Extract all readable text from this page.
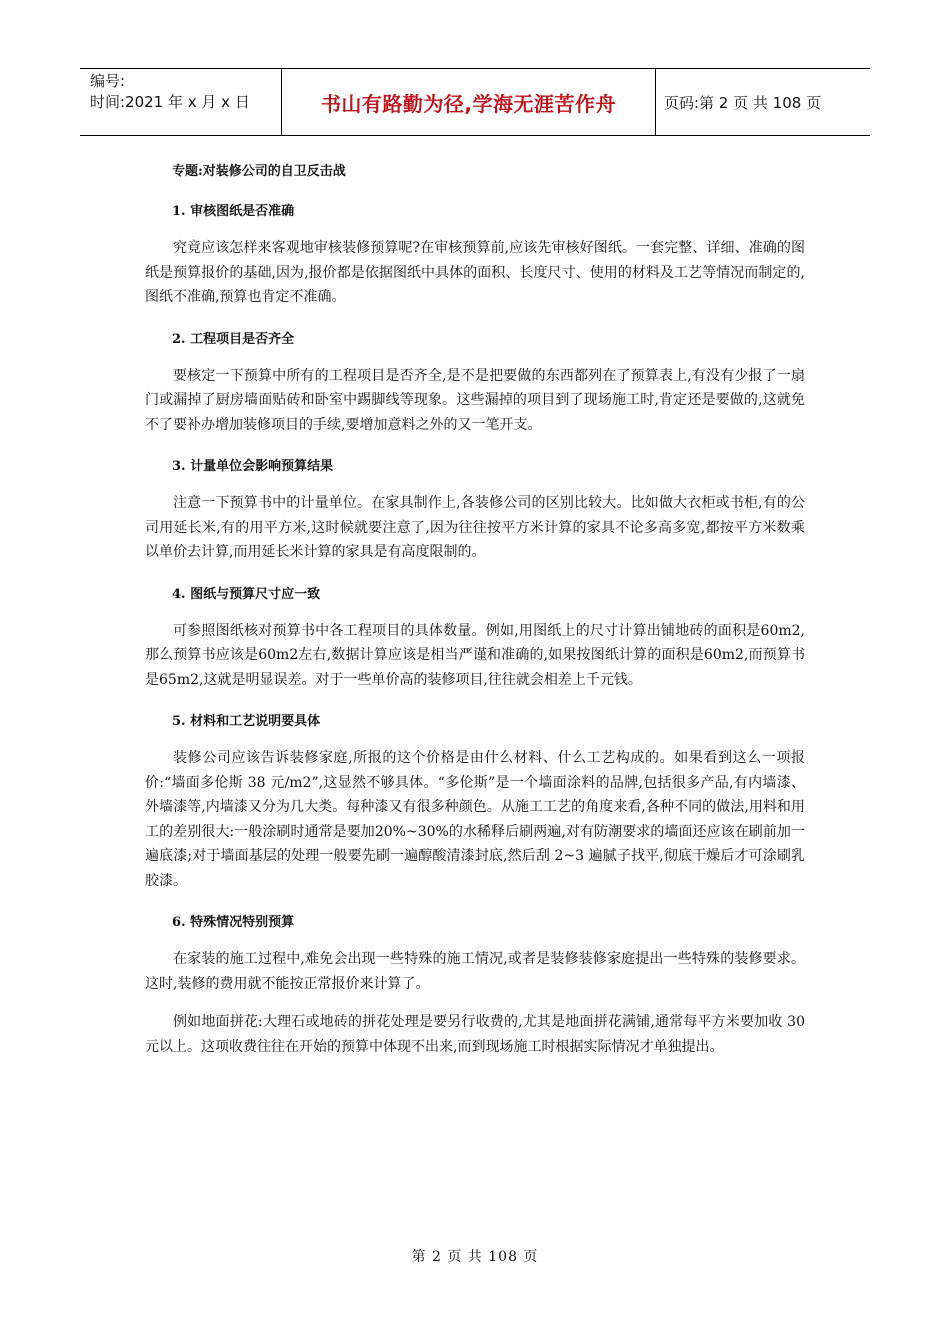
编号:
时间:2021 年 x 月 x 日	书山有路勤为径,学海无涯苦作舟	页码:第 2 页 共 108 页
专题:对装修公司的自卫反击战
1. 审核图纸是否准确

究竟应该怎样来客观地审核装修预算呢?在审核预算前,应该先审核好图纸。一套完整、详细、准确的图纸是预算报价的基础,因为,报价都是依据图纸中具体的面积、长度尺寸、使用的材料及工艺等情况而制定的,图纸不准确,预算也肯定不准确。

2. 工程项目是否齐全

要核定一下预算中所有的工程项目是否齐全,是不是把要做的东西都列在了预算表上,有没有少报了一扇门或漏掉了厨房墙面贴砖和卧室中踢脚线等现象。这些漏掉的项目到了现场施工时,肯定还是要做的,这就免不了要补办增加装修项目的手续,要增加意料之外的又一笔开支。

3. 计量单位会影响预算结果

注意一下预算书中的计量单位。在家具制作上,各装修公司的区别比较大。比如做大衣柜或书柜,有的公司用延长米,有的用平方米,这时候就要注意了,因为往往按平方米计算的家具不论多高多宽,都按平方米数乘以单价去计算,而用延长米计算的家具是有高度限制的。

4. 图纸与预算尺寸应一致

可参照图纸核对预算书中各工程项目的具体数量。例如,用图纸上的尺寸计算出铺地砖的面积是60m2,那么预算书应该是60m2左右,数据计算应该是相当严谨和准确的,如果按图纸计算的面积是60m2,而预算书是65m2,这就是明显误差。对于一些单价高的装修项目,往往就会相差上千元钱。

5. 材料和工艺说明要具体

装修公司应该告诉装修家庭,所报的这个价格是由什么材料、什么工艺构成的。如果看到这么一项报价:“墙面多伦斯 38 元/m2”,这显然不够具体。“多伦斯”是一个墙面涂料的品牌,包括很多产品,有内墙漆、外墙漆等,内墙漆又分为几大类。每种漆又有很多种颜色。从施工工艺的角度来看,各种不同的做法,用料和用工的差别很大:一般涂刷时通常是要加20%~30%的水稀释后刷两遍,对有防潮要求的墙面还应该在刷前加一遍底漆;对于墙面基层的处理一般要先刷一遍醇酸清漆封底,然后刮 2~3 遍腻子找平,彻底干燥后才可涂刷乳胶漆。

6. 特殊情况特别预算

在家装的施工过程中,难免会出现一些特殊的施工情况,或者是装修装修家庭提出一些特殊的装修要求。这时,装修的费用就不能按正常报价来计算了。

例如地面拼花:大理石或地砖的拼花处理是要另行收费的,尤其是地面拼花满铺,通常每平方米要加收 30 元以上。这项收费往往在开始的预算中体现不出来,而到现场施工时根据实际情况才单独提出。

第 2 页 共 108 页
